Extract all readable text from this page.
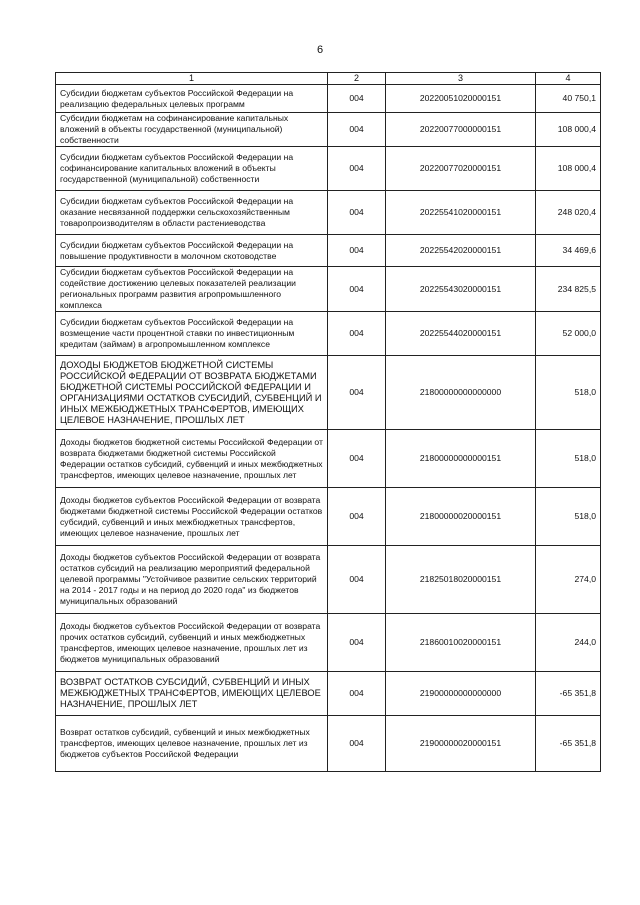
6
1	2	3	4
Субсидии бюджетам субъектов Российской Федерации на реализацию федеральных целевых программ	004	20220051020000151	40 750,1
Субсидии бюджетам на софинансирование капитальных вложений в объекты государственной (муниципальной) собственности	004	20220077000000151	108 000,4
Субсидии бюджетам субъектов Российской Федерации на софинансирование капитальных вложений в объекты государственной (муниципальной) собственности	004	20220077020000151	108 000,4
Субсидии бюджетам субъектов Российской Федерации на оказание несвязанной поддержки сельскохозяйственным товаропроизводителям в области растениеводства	004	20225541020000151	248 020,4
Субсидии бюджетам субъектов Российской Федерации на повышение продуктивности в молочном скотоводстве	004	20225542020000151	34 469,6
Субсидии бюджетам субъектов Российской Федерации на содействие достижению целевых показателей реализации региональных программ развития агропромышленного комплекса	004	20225543020000151	234 825,5
Субсидии бюджетам субъектов Российской Федерации на возмещение части процентной ставки по инвестиционным кредитам (займам) в агропромышленном комплексе	004	20225544020000151	52 000,0
ДОХОДЫ БЮДЖЕТОВ БЮДЖЕТНОЙ СИСТЕМЫ РОССИЙСКОЙ ФЕДЕРАЦИИ ОТ ВОЗВРАТА БЮДЖЕТАМИ БЮДЖЕТНОЙ СИСТЕМЫ РОССИЙСКОЙ ФЕДЕРАЦИИ И ОРГАНИЗАЦИЯМИ ОСТАТКОВ СУБСИДИЙ, СУБВЕНЦИЙ И ИНЫХ МЕЖБЮДЖЕТНЫХ ТРАНСФЕРТОВ, ИМЕЮЩИХ ЦЕЛЕВОЕ НАЗНАЧЕНИЕ, ПРОШЛЫХ ЛЕТ	004	21800000000000000	518,0
Доходы бюджетов бюджетной системы Российской Федерации от возврата бюджетами бюджетной системы Российской Федерации остатков субсидий, субвенций и иных межбюджетных трансфертов, имеющих целевое назначение, прошлых лет	004	21800000000000151	518,0
Доходы бюджетов субъектов Российской Федерации от возврата бюджетами бюджетной системы Российской Федерации остатков субсидий, субвенций и иных межбюджетных трансфертов, имеющих целевое назначение, прошлых лет	004	21800000020000151	518,0
Доходы бюджетов субъектов Российской Федерации от возврата остатков субсидий на реализацию мероприятий федеральной целевой программы "Устойчивое развитие сельских территорий на 2014 - 2017 годы и на период до 2020 года" из бюджетов муниципальных образований	004	21825018020000151	274,0
Доходы бюджетов субъектов Российской Федерации от возврата прочих остатков субсидий, субвенций и иных межбюджетных трансфертов, имеющих целевое назначение, прошлых лет из бюджетов муниципальных образований	004	21860010020000151	244,0
ВОЗВРАТ ОСТАТКОВ СУБСИДИЙ, СУБВЕНЦИЙ И ИНЫХ МЕЖБЮДЖЕТНЫХ ТРАНСФЕРТОВ, ИМЕЮЩИХ ЦЕЛЕВОЕ НАЗНАЧЕНИЕ, ПРОШЛЫХ ЛЕТ	004	21900000000000000	-65 351,8
Возврат остатков субсидий, субвенций и иных межбюджетных трансфертов, имеющих целевое назначение, прошлых лет из бюджетов субъектов Российской Федерации	004	21900000020000151	-65 351,8
